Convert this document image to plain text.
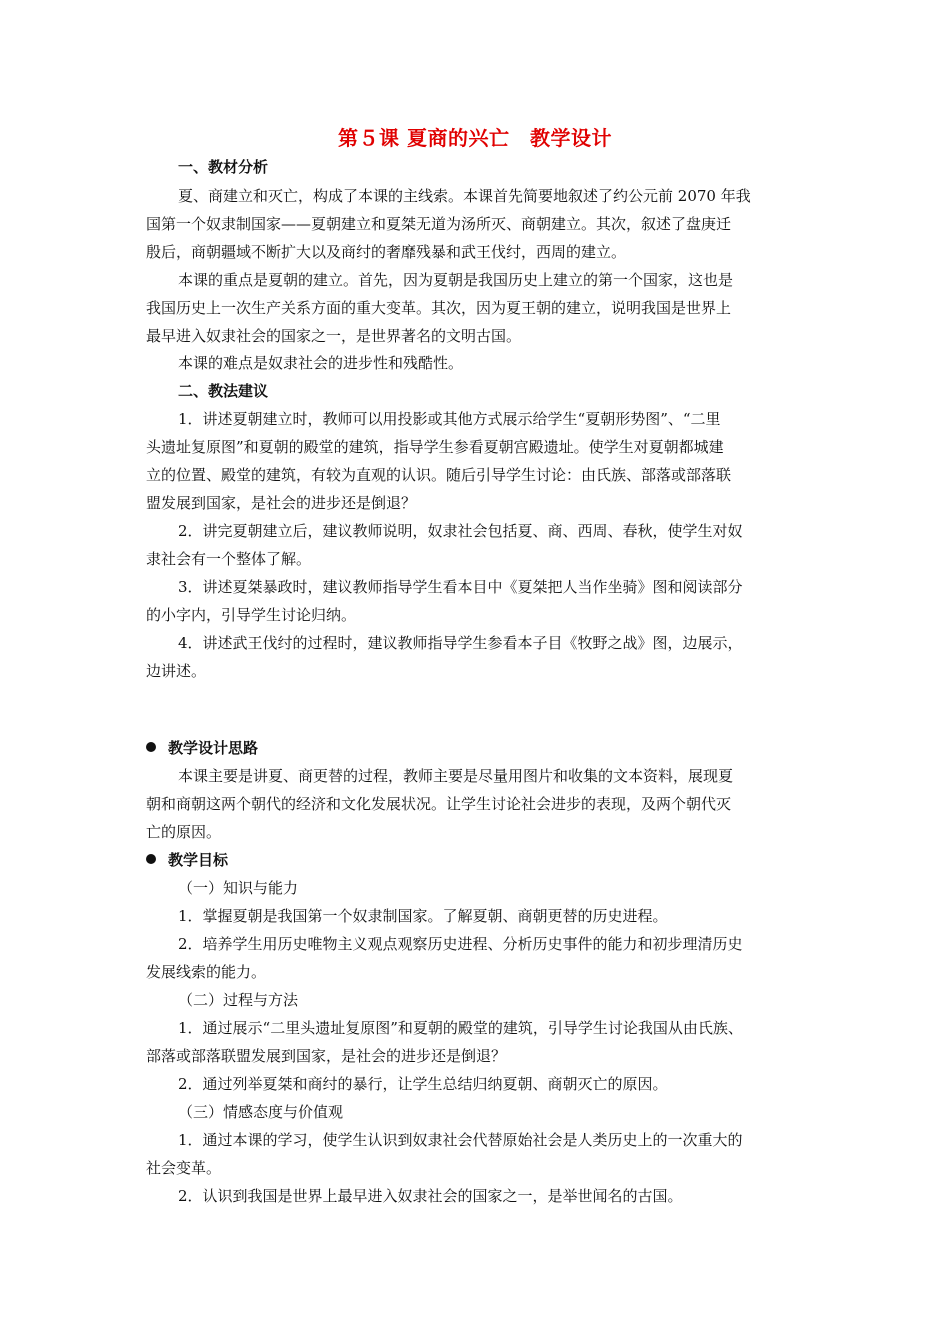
第５课 夏商的兴亡　教学设计
一、教材分析
夏、商建立和灭亡，构成了本课的主线索。本课首先简要地叙述了约公元前 2070 年我
国第一个奴隶制国家——夏朝建立和夏桀无道为汤所灭、商朝建立。其次，叙述了盘庚迁
殷后，商朝疆域不断扩大以及商纣的奢靡残暴和武王伐纣，西周的建立。
本课的重点是夏朝的建立。首先，因为夏朝是我国历史上建立的第一个国家，这也是
我国历史上一次生产关系方面的重大变革。其次，因为夏王朝的建立，说明我国是世界上
最早进入奴隶社会的国家之一，是世界著名的文明古国。
本课的难点是奴隶社会的进步性和残酷性。
二、教法建议
1．讲述夏朝建立时，教师可以用投影或其他方式展示给学生“夏朝形势图”、“二里
头遗址复原图”和夏朝的殿堂的建筑，指导学生参看夏朝宫殿遗址。使学生对夏朝都城建
立的位置、殿堂的建筑，有较为直观的认识。随后引导学生讨论：由氏族、部落或部落联
盟发展到国家，是社会的进步还是倒退？
2．讲完夏朝建立后，建议教师说明，奴隶社会包括夏、商、西周、春秋，使学生对奴
隶社会有一个整体了解。
3．讲述夏桀暴政时，建议教师指导学生看本目中《夏桀把人当作坐骑》图和阅读部分
的小字内，引导学生讨论归纳。
4．讲述武王伐纣的过程时，建议教师指导学生参看本子目《牧野之战》图，边展示，
边讲述。
教学设计思路
本课主要是讲夏、商更替的过程，教师主要是尽量用图片和收集的文本资料，展现夏
朝和商朝这两个朝代的经济和文化发展状况。让学生讨论社会进步的表现，及两个朝代灭
亡的原因。
教学目标
（一）知识与能力
1．掌握夏朝是我国第一个奴隶制国家。了解夏朝、商朝更替的历史进程。
2．培养学生用历史唯物主义观点观察历史进程、分析历史事件的能力和初步理清历史
发展线索的能力。
（二）过程与方法
1．通过展示“二里头遗址复原图”和夏朝的殿堂的建筑，引导学生讨论我国从由氏族、
部落或部落联盟发展到国家，是社会的进步还是倒退？
2．通过列举夏桀和商纣的暴行，让学生总结归纳夏朝、商朝灭亡的原因。
（三）情感态度与价值观
1．通过本课的学习，使学生认识到奴隶社会代替原始社会是人类历史上的一次重大的
社会变革。
2．认识到我国是世界上最早进入奴隶社会的国家之一，是举世闻名的古国。
